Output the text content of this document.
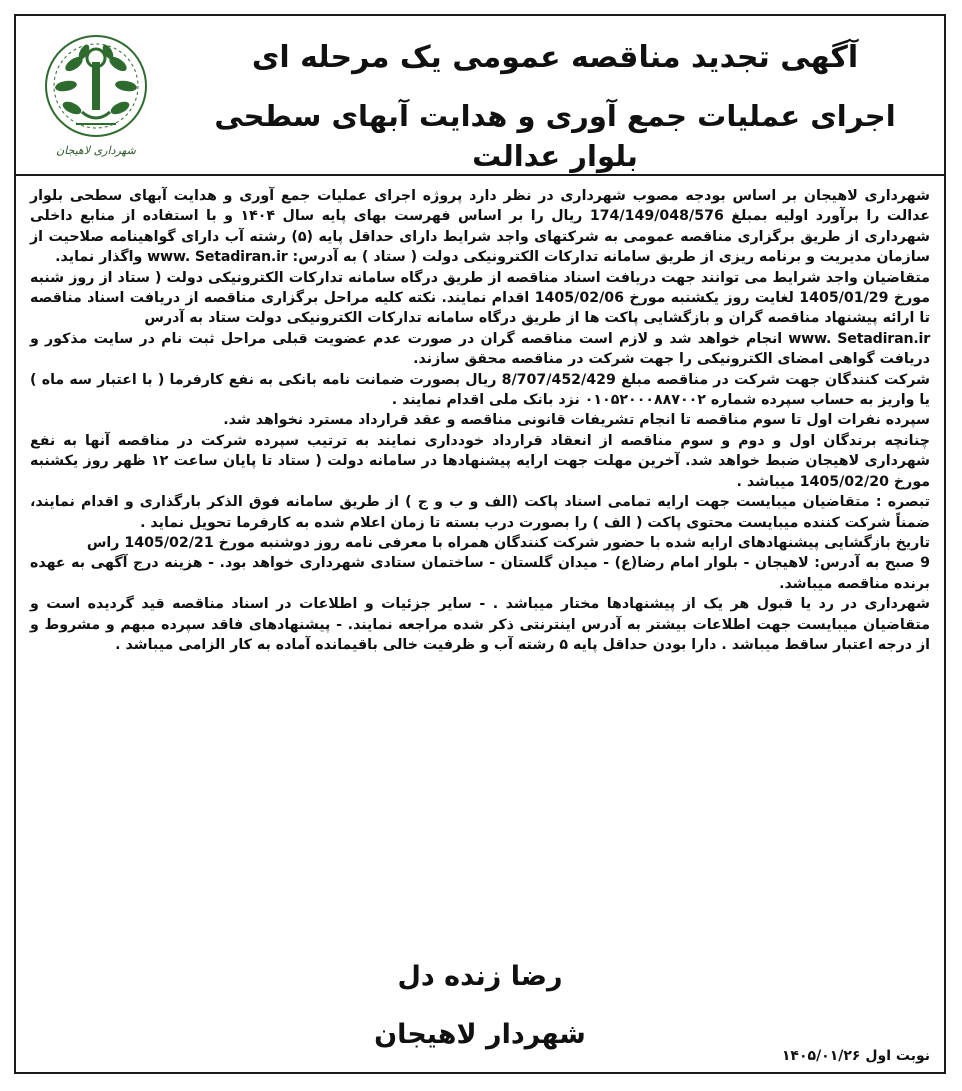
شهرداری لاهیجان

آگهی تجدید مناقصه عمومی یک مرحله ای

اجرای عملیات جمع آوری و هدایت آبهای سطحی بلوار عدالت

شهرداری لاهیجان بر اساس بودجه مصوب شهرداری در نظر دارد پروژه اجرای عملیات جمع آوری و هدایت آبهای سطحی بلوار عدالت را برآورد اولیه بمبلغ 174/149/048/576 ریال را بر اساس فهرست بهای پایه سال ۱۴۰۴ و با استفاده از منابع داخلی شهرداری از طریق برگزاری مناقصه عمومی به شرکتهای واجد شرایط دارای حداقل پایه (۵) رشته آب دارای گواهینامه صلاحیت از سازمان مدیریت و برنامه ریزی از طریق سامانه تدارکات الکترونیکی دولت ( ستاد ) به آدرس: www. Setadiran.ir واگذار نماید.

متقاضیان واجد شرایط می توانند جهت دریافت اسناد مناقصه از طریق درگاه سامانه تدارکات الکترونیکی دولت ( ستاد از روز شنبه مورخ 1405/01/29 لغایت روز یکشنبه مورخ 1405/02/06 اقدام نمایند. نکته کلیه مراحل برگزاری مناقصه از دریافت اسناد مناقصه تا ارائه پیشنهاد مناقصه گران و بازگشایی پاکت ها از طریق درگاه سامانه تدارکات الکترونیکی دولت ستاد به آدرس

www. Setadiran.ir انجام خواهد شد و لازم است مناقصه گران در صورت عدم عضویت قبلی مراحل ثبت نام در سایت مذکور و دریافت گواهی امضای الکترونیکی را جهت شرکت در مناقصه محقق سازند.

شرکت کنندگان جهت شرکت در مناقصه مبلغ 8/707/452/429 ریال بصورت ضمانت نامه بانکی به نفع کارفرما ( با اعتبار سه ماه ) یا واریز به حساب سپرده شماره ۰۱۰۵۲۰۰۰۸۸۷۰۰۲ نزد بانک ملی اقدام نمایند .

سپرده نفرات اول تا سوم مناقصه تا انجام تشریفات قانونی مناقصه و عقد قرارداد مسترد نخواهد شد.

چنانچه برندگان اول و دوم و سوم مناقصه از انعقاد قرارداد خودداری نمایند به ترتیب سپرده شرکت در مناقصه آنها به نفع شهرداری لاهیجان ضبط خواهد شد. آخرین مهلت جهت ارایه پیشنهادها در سامانه دولت ( ستاد تا پایان ساعت ۱۲ ظهر روز یکشنبه مورخ 1405/02/20 میباشد .

تبصره : متقاضیان میبایست جهت ارایه تمامی اسناد پاکت (الف و ب و ج ) از طریق سامانه فوق الذکر بارگذاری و اقدام نمایند، ضمناً شرکت کننده میبایست محتوی پاکت ( الف ) را بصورت درب بسته تا زمان اعلام شده به کارفرما تحویل نماید .

تاریخ بازگشایی پیشنهادهای ارایه شده با حضور شرکت کنندگان همراه با معرفی نامه روز دوشنبه مورخ 1405/02/21 راس

9 صبح به آدرس: لاهیجان - بلوار امام رضا(ع) - میدان گلستان - ساختمان ستادی شهرداری خواهد بود. - هزینه درج آگهی به عهده برنده مناقصه میباشد.

شهرداری در رد یا قبول هر یک از پیشنهادها مختار میباشد . - سایر جزئیات و اطلاعات در اسناد مناقصه قید گردیده است و متقاضیان میبایست جهت اطلاعات بیشتر به آدرس اینترنتی ذکر شده مراجعه نمایند. - پیشنهادهای فاقد سپرده مبهم و مشروط و از درجه اعتبار ساقط میباشد . دارا بودن حداقل پایه ۵ رشته آب و ظرفیت خالی باقیمانده آماده به کار الزامی میباشد .

رضا زنده دل

شهردار لاهیجان

نوبت اول ۱۴۰۵/۰۱/۲۶
